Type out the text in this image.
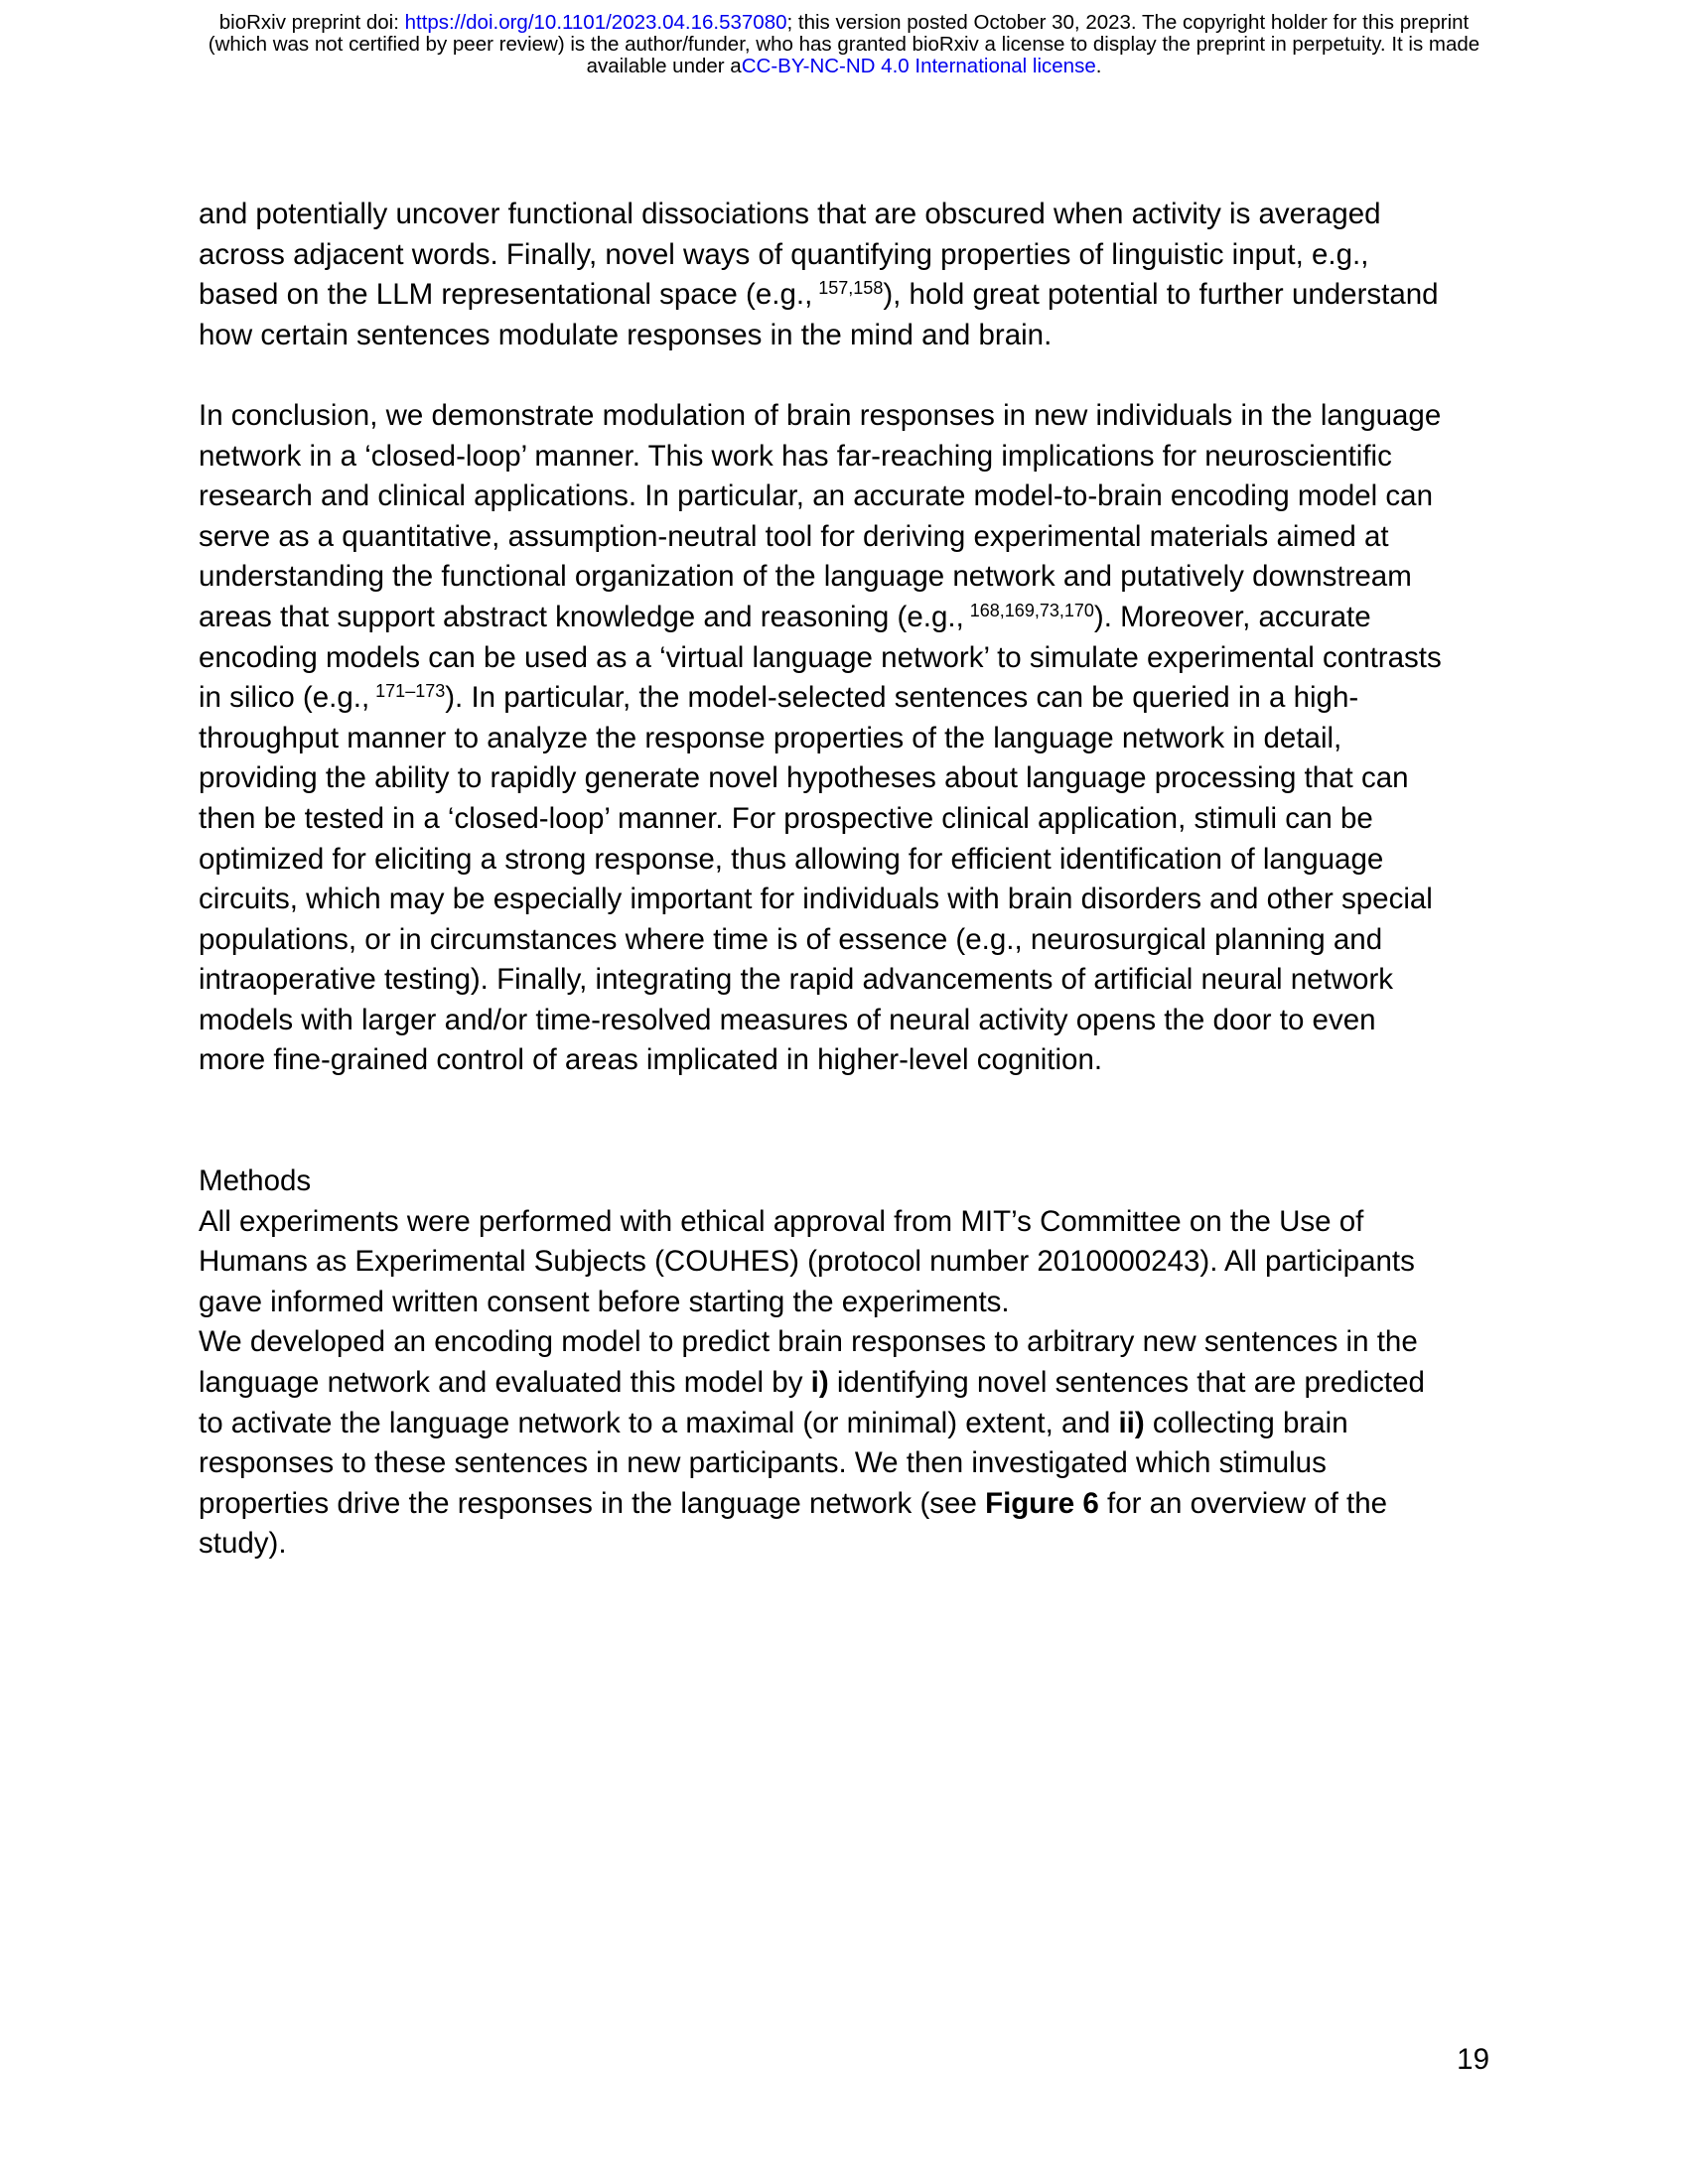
bioRxiv preprint doi: https://doi.org/10.1101/2023.04.16.537080; this version posted October 30, 2023. The copyright holder for this preprint
(which was not certified by peer review) is the author/funder, who has granted bioRxiv a license to display the preprint in perpetuity. It is made
available under aCC-BY-NC-ND 4.0 International license.
and potentially uncover functional dissociations that are obscured when activity is averaged
across adjacent words. Finally, novel ways of quantifying properties of linguistic input, e.g.,
based on the LLM representational space (e.g., $^{157,158}$), hold great potential to further understand
how certain sentences modulate responses in the mind and brain.
In conclusion, we demonstrate modulation of brain responses in new individuals in the language
network in a ‘closed-loop’ manner. This work has far-reaching implications for neuroscientific
research and clinical applications. In particular, an accurate model-to-brain encoding model can
serve as a quantitative, assumption-neutral tool for deriving experimental materials aimed at
understanding the functional organization of the language network and putatively downstream
areas that support abstract knowledge and reasoning (e.g., $^{168,169,73,170}$). Moreover, accurate
encoding models can be used as a ‘virtual language network’ to simulate experimental contrasts
in silico (e.g., $^{171-173}$). In particular, the model-selected sentences can be queried in a high-
throughput manner to analyze the response properties of the language network in detail,
providing the ability to rapidly generate novel hypotheses about language processing that can
then be tested in a ‘closed-loop’ manner. For prospective clinical application, stimuli can be
optimized for eliciting a strong response, thus allowing for efficient identification of language
circuits, which may be especially important for individuals with brain disorders and other special
populations, or in circumstances where time is of essence (e.g., neurosurgical planning and
intraoperative testing). Finally, integrating the rapid advancements of artificial neural network
models with larger and/or time-resolved measures of neural activity opens the door to even
more fine-grained control of areas implicated in higher-level cognition.
Methods
All experiments were performed with ethical approval from MIT’s Committee on the Use of
Humans as Experimental Subjects (COUHES) (protocol number 2010000243). All participants
gave informed written consent before starting the experiments.
We developed an encoding model to predict brain responses to arbitrary new sentences in the
language network and evaluated this model by i) identifying novel sentences that are predicted
to activate the language network to a maximal (or minimal) extent, and ii) collecting brain
responses to these sentences in new participants. We then investigated which stimulus
properties drive the responses in the language network (see Figure 6 for an overview of the
study).
19
